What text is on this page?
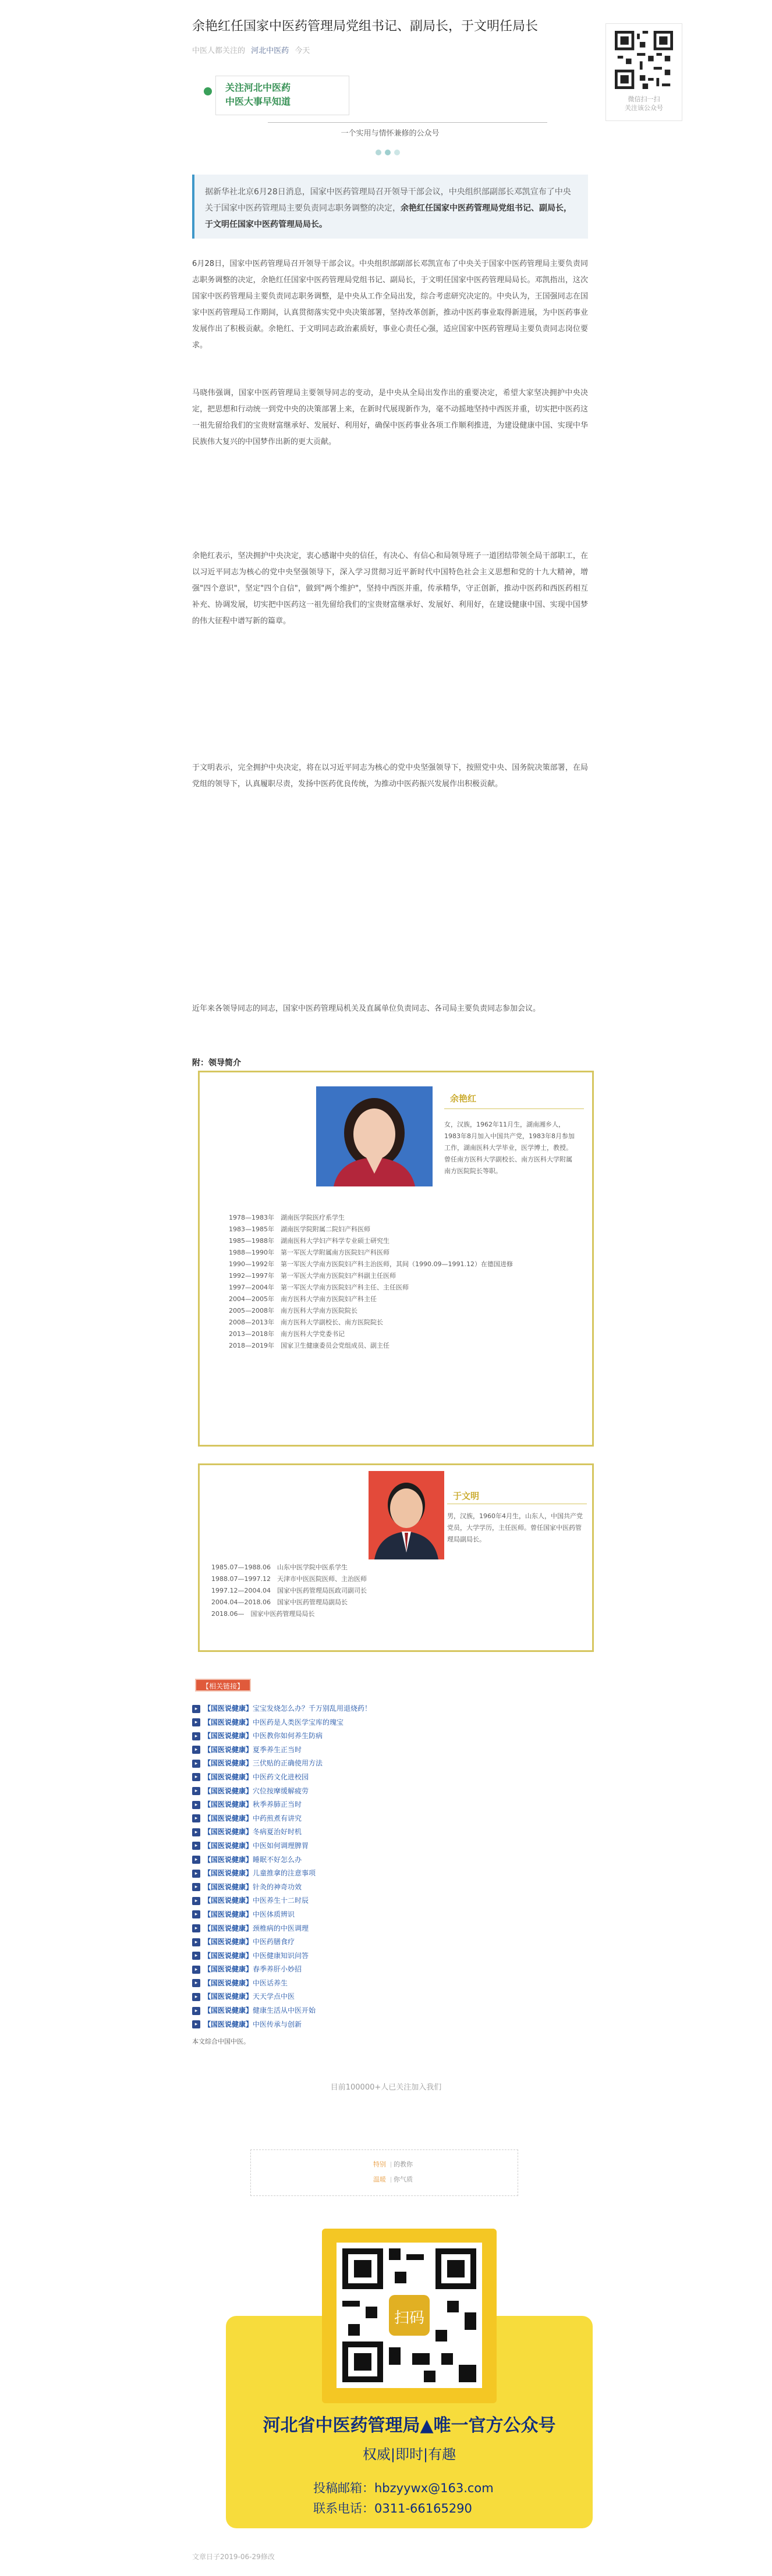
余艳红任国家中医药管理局党组书记、副局长，于文明任局长
中医人都关注的 河北中医药 今天
微信扫一扫
关注该公众号
关注河北中医药
中医大事早知道
一个实用与情怀兼修的公众号
据新华社北京6月28日消息，国家中医药管理局召开领导干部会议，中央组织部副部长邓凯宣布了中央关于国家中医药管理局主要负责同志职务调整的决定，余艳红任国家中医药管理局党组书记、副局长，于文明任国家中医药管理局局长。
6月28日，国家中医药管理局召开领导干部会议。中央组织部副部长邓凯宣布了中央关于国家中医药管理局主要负责同志职务调整的决定，余艳红任国家中医药管理局党组书记、副局长，于文明任国家中医药管理局局长。邓凯指出，这次国家中医药管理局主要负责同志职务调整，是中央从工作全局出发，综合考虑研究决定的。中央认为，王国强同志在国家中医药管理局工作期间，认真贯彻落实党中央决策部署，坚持改革创新，推动中医药事业取得新进展，为中医药事业发展作出了积极贡献。余艳红、于文明同志政治素质好，事业心责任心强，适应国家中医药管理局主要负责同志岗位要求。
马晓伟强调，国家中医药管理局主要领导同志的变动，是中央从全局出发作出的重要决定，希望大家坚决拥护中央决定，把思想和行动统一到党中央的决策部署上来，在新时代展现新作为，毫不动摇地坚持中西医并重，切实把中医药这一祖先留给我们的宝贵财富继承好、发展好、利用好，确保中医药事业各项工作顺利推进，为建设健康中国、实现中华民族伟大复兴的中国梦作出新的更大贡献。
余艳红表示，坚决拥护中央决定，衷心感谢中央的信任，有决心、有信心和局领导班子一道团结带领全局干部职工，在以习近平同志为核心的党中央坚强领导下，深入学习贯彻习近平新时代中国特色社会主义思想和党的十九大精神，增强"四个意识"，坚定"四个自信"，做到"两个维护"，坚持中西医并重，传承精华，守正创新，推动中医药和西医药相互补充、协调发展，切实把中医药这一祖先留给我们的宝贵财富继承好、发展好、利用好，在建设健康中国、实现中国梦的伟大征程中谱写新的篇章。
于文明表示，完全拥护中央决定，将在以习近平同志为核心的党中央坚强领导下，按照党中央、国务院决策部署，在局党组的领导下，认真履职尽责，发扬中医药优良传统，为推动中医药振兴发展作出积极贡献。
近年来各领导同志的同志，国家中医药管理局机关及直属单位负责同志、各司局主要负责同志参加会议。
附：领导简介
余艳红
女，汉族，1962年11月生，湖南湘乡人，1983年8月加入中国共产党，1983年8月参加工作，湖南医科大学毕业，医学博士，教授。曾任南方医科大学副校长、南方医科大学附属南方医院院长等职。
1978—1983年　湖南医学院医疗系学生
1983—1985年　湖南医学院附属二院妇产科医师
1985—1988年　湖南医科大学妇产科学专业硕士研究生
1988—1990年　第一军医大学附属南方医院妇产科医师
1990—1992年　第一军医大学南方医院妇产科主治医师，其间（1990.09—1991.12）在德国进修
1992—1997年　第一军医大学南方医院妇产科副主任医师
1997—2004年　第一军医大学南方医院妇产科主任、主任医师
2004—2005年　南方医科大学南方医院妇产科主任
2005—2008年　南方医科大学南方医院院长
2008—2013年　南方医科大学副校长、南方医院院长
2013—2018年　南方医科大学党委书记
2018—2019年　国家卫生健康委员会党组成员、副主任
于文明
男，汉族，1960年4月生，山东人，中国共产党党员，大学学历，主任医师。曾任国家中医药管理局副局长。
1985.07—1988.06　山东中医学院中医系学生
1988.07—1997.12　天津市中医医院医师、主治医师
1997.12—2004.04　国家中医药管理局医政司副司长
2004.04—2018.06　国家中医药管理局副局长
2018.06—　国家中医药管理局局长
【相关链接】
▸ 【国医说健康】宝宝发烧怎么办？千万别乱用退烧药！
▸ 【国医说健康】中医药是人类医学宝库的瑰宝
▸ 【国医说健康】中医教你如何养生防病
▸ 【国医说健康】夏季养生正当时
▸ 【国医说健康】三伏贴的正确使用方法
▸ 【国医说健康】中医药文化进校园
▸ 【国医说健康】穴位按摩缓解疲劳
▸ 【国医说健康】秋季养肺正当时
▸ 【国医说健康】中药煎煮有讲究
▸ 【国医说健康】冬病夏治好时机
▸ 【国医说健康】中医如何调理脾胃
▸ 【国医说健康】睡眠不好怎么办
▸ 【国医说健康】儿童推拿的注意事项
▸ 【国医说健康】针灸的神奇功效
▸ 【国医说健康】中医养生十二时辰
▸ 【国医说健康】中医体质辨识
▸ 【国医说健康】颈椎病的中医调理
▸ 【国医说健康】中医药膳食疗
▸ 【国医说健康】中医健康知识问答
▸ 【国医说健康】春季养肝小妙招
▸ 【国医说健康】中医话养生
▸ 【国医说健康】天天学点中医
▸ 【国医说健康】健康生活从中医开始
▸ 【国医说健康】中医传承与创新
本文综合中国中医。
目前100000+人已关注加入我们
特别 的教你
温暖 你气质
扫码
河北省中医药管理局▲唯一官方公众号
权威|即时|有趣
投稿邮箱：hbzyywx@163.com
联系电话：0311-66165290
文章日子2019-06-29修改
